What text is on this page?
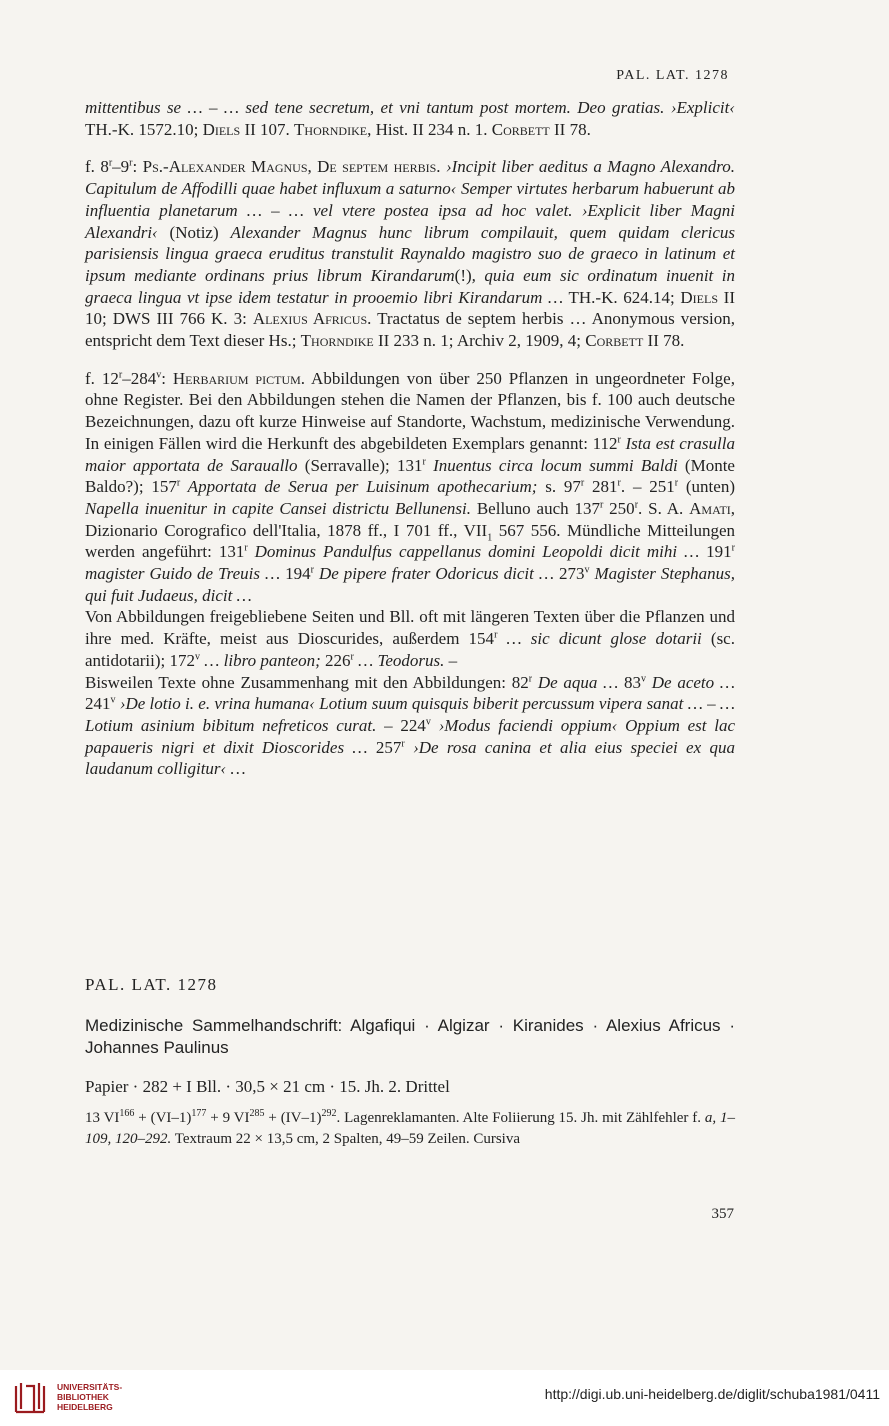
PAL. LAT. 1278

mittentibus se … – … sed tene secretum, et vni tantum post mortem. Deo gratias. ›Explicit‹ TH.-K. 1572.10; Diels II 107. Thorndike, Hist. II 234 n. 1. Corbett II 78.

f. 8$^r$–9$^r$: Ps.-Alexander Magnus, De septem herbis. ›Incipit liber aeditus a Magno Alexandro. Capitulum de Affodilli quae habet influxum a saturno‹ Semper virtutes herbarum habuerunt ab influentia planetarum … – … vel vtere postea ipsa ad hoc valet. ›Explicit liber Magni Alexandri‹ (Notiz) Alexander Magnus hunc librum compilauit, quem quidam clericus parisiensis lingua graeca eruditus transtulit Raynaldo magistro suo de graeco in latinum et ipsum mediante ordinans prius librum Kirandarum(!), quia eum sic ordinatum inuenit in graeca lingua vt ipse idem testatur in prooemio libri Kirandarum … TH.-K. 624.14; Diels II 10; DWS III 766 K. 3: Alexius Africus. Tractatus de septem herbis … Anonymous version, entspricht dem Text dieser Hs.; Thorndike II 233 n. 1; Archiv 2, 1909, 4; Corbett II 78.

f. 12$^r$–284$^v$: Herbarium pictum. Abbildungen von über 250 Pflanzen in ungeordneter Folge, ohne Register. Bei den Abbildungen stehen die Namen der Pflanzen, bis f. 100 auch deutsche Bezeichnungen, dazu oft kurze Hinweise auf Standorte, Wachstum, medizinische Verwendung. In einigen Fällen wird die Herkunft des abgebildeten Exemplars genannt: 112$^r$ Ista est crasulla maior apportata de Sarauallo (Serravalle); 131$^r$ Inuentus circa locum summi Baldi (Monte Baldo?); 157$^r$ Apportata de Serua per Luisinum apothecarium; s. 97$^r$ 281$^r$. – 251$^r$ (unten) Napella inuenitur in capite Cansei districtu Bellunensi. Belluno auch 137$^r$ 250$^r$. S. A. Amati, Dizionario Corografico dell'Italia, 1878 ff., I 701 ff., $VII_1$ 567 556. Mündliche Mitteilungen werden angeführt: 131$^r$ Dominus Pandulfus cappellanus domini Leopoldi dicit mihi … 191$^r$ magister Guido de Treuis … 194$^r$ De pipere frater Odoricus dicit … 273$^v$ Magister Stephanus, qui fuit Judaeus, dicit …

Von Abbildungen freigebliebene Seiten und Bll. oft mit längeren Texten über die Pflanzen und ihre med. Kräfte, meist aus Dioscurides, außerdem 154$^r$ … sic dicunt glose dotarii (sc. antidotarii); 172$^v$ … libro panteon; 226$^r$ … Teodorus. –

Bisweilen Texte ohne Zusammenhang mit den Abbildungen: 82$^r$ De aqua … 83$^v$ De aceto … 241$^v$ ›De lotio i. e. vrina humana‹ Lotium suum quisquis biberit percussum vipera sanat … – … Lotium asinium bibitum nefreticos curat. – 224$^v$ ›Modus faciendi oppium‹ Oppium est lac papaueris nigri et dixit Dioscorides … 257$^r$ ›De rosa canina et alia eius speciei ex qua laudanum colligitur‹ …

PAL. LAT. 1278
Medizinische Sammelhandschrift: Algafiqui · Algizar · Kiranides · Alexius Africus · Johannes Paulinus
Papier · 282 + I Bll. · 30,5 × 21 cm · 15. Jh. 2. Drittel
13 $VI^{166} + (VI-1)^{177} + 9$ $VI^{285} + (IV-1)^{292}$. Lagenreklamanten. Alte Foliierung 15. Jh. mit Zählfehler f. a, 1–109, 120–292. Textraum 22 × 13,5 cm, 2 Spalten, 49–59 Zeilen. Cursiva
357
UNIVERSITÄTS-
BIBLIOTHEK
HEIDELBERG
http://digi.ub.uni-heidelberg.de/diglit/schuba1981/0411
